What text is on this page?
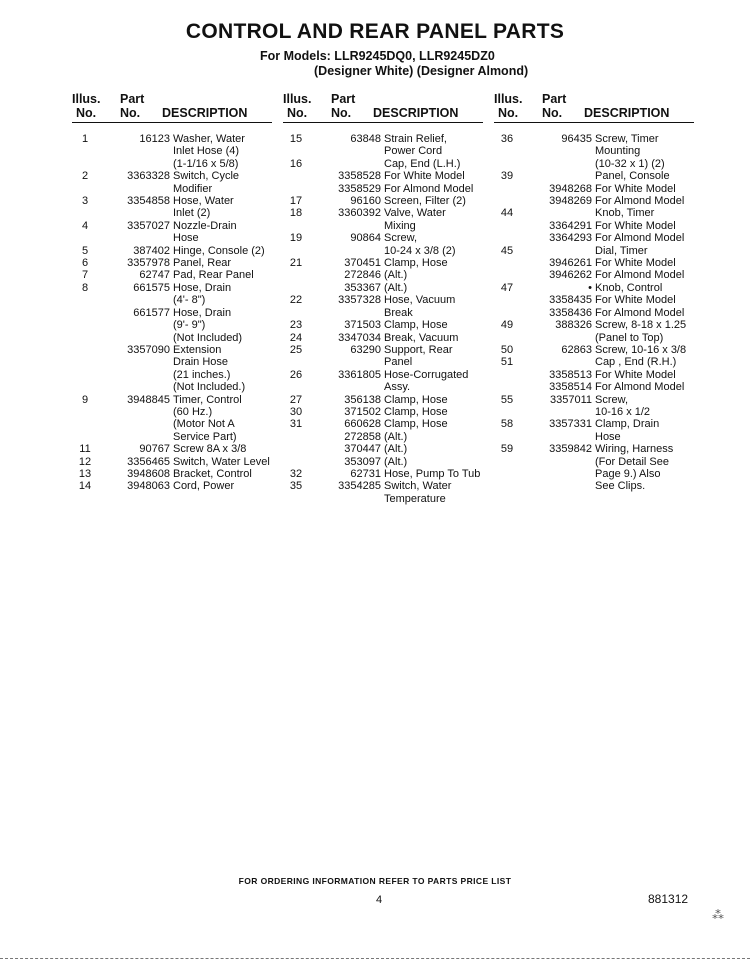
CONTROL AND REAR PANEL PARTS
For Models: LLR9245DQ0, LLR9245DZ0
(Designer White) (Designer Almond)
Illus.
No.
Part
No. DESCRIPTION
1	16123 Washer, Water
Inlet Hose (4)
(1-1/16 x 5/8)
2	3363328 Switch, Cycle
Modifier
3	3354858 Hose, Water
Inlet (2)
4	3357027 Nozzle-Drain
Hose
5	387402 Hinge, Console (2)
6	3357978 Panel, Rear
7	62747 Pad, Rear Panel
8	661575 Hose, Drain
(4'- 8")
661577 Hose, Drain
(9'- 9")
(Not Included)
3357090 Extension
Drain Hose
(21 inches.)
(Not Included.)
9	3948845 Timer, Control
(60 Hz.)
(Motor Not A
Service Part)
11	90767 Screw 8A x 3/8
12	3356465 Switch, Water Level
13	3948608 Bracket, Control
14	3948063 Cord, Power
Illus.
No.
Part
No. DESCRIPTION
15	63848 Strain Relief,
Power Cord
16	Cap, End (L.H.)
3358528 For White Model
3358529 For Almond Model
17	96160 Screen, Filter (2)
18	3360392 Valve, Water
Mixing
19	90864 Screw,
10-24 x 3/8 (2)
21	370451 Clamp, Hose
272846 (Alt.)
353367 (Alt.)
22	3357328 Hose, Vacuum
Break
23	371503 Clamp, Hose
24	3347034 Break, Vacuum
25	63290 Support, Rear
Panel
26	3361805 Hose-Corrugated
Assy.
27	356138 Clamp, Hose
30	371502 Clamp, Hose
31	660628 Clamp, Hose
272858 (Alt.)
370447 (Alt.)
353097 (Alt.)
32	62731 Hose, Pump To Tub
35	3354285 Switch, Water
Temperature
Illus.
No.
Part
No. DESCRIPTION
36	96435 Screw, Timer
Mounting
(10-32 x 1) (2)
39	Panel, Console
3948268 For White Model
3948269 For Almond Model
44	Knob, Timer
3364291 For White Model
3364293 For Almond Model
45	Dial, Timer
3946261 For White Model
3946262 For Almond Model
47	• Knob, Control
3358435 For White Model
3358436 For Almond Model
49	388326 Screw, 8-18 x 1.25
(Panel to Top)
50	62863 Screw, 10-16 x 3/8
51	Cap , End (R.H.)
3358513 For White Model
3358514 For Almond Model
55	3357011 Screw,
10-16 x 1/2
58	3357331 Clamp, Drain
Hose
59	3359842 Wiring, Harness
(For Detail See
Page 9.) Also
See Clips.
FOR ORDERING INFORMATION REFER TO PARTS PRICE LIST
4	881312
⁂
